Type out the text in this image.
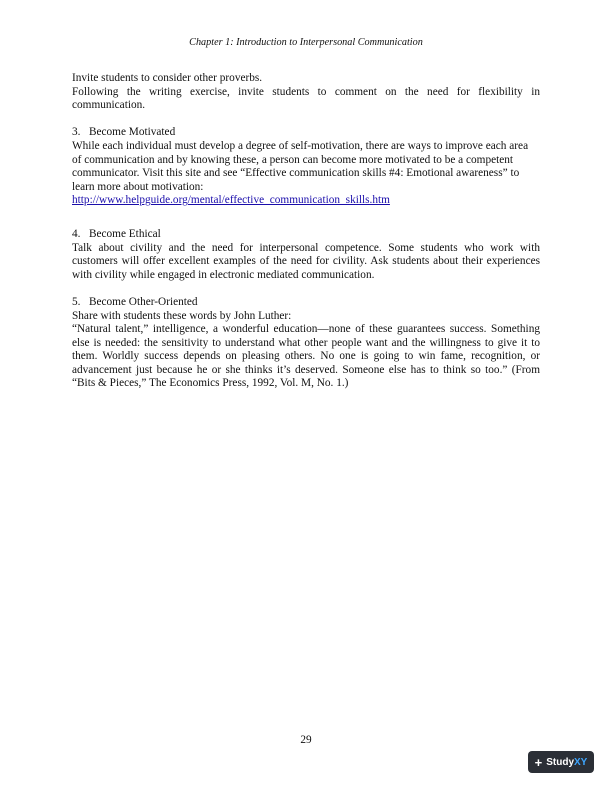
Chapter 1: Introduction to Interpersonal Communication

Invite students to consider other proverbs.

Following the writing exercise, invite students to comment on the need for flexibility in communication.

3.  Become Motivated

While each individual must develop a degree of self-motivation, there are ways to improve each area of communication and by knowing these, a person can become more motivated to be a competent communicator. Visit this site and see “Effective communication skills #4: Emotional awareness” to learn more about motivation:

http://www.helpguide.org/mental/effective_communication_skills.htm

4.  Become Ethical

Talk about civility and the need for interpersonal competence. Some students who work with customers will offer excellent examples of the need for civility. Ask students about their experiences with civility while engaged in electronic mediated communication.

5.  Become Other-Oriented

Share with students these words by John Luther:

“Natural talent,” intelligence, a wonderful education—none of these guarantees success. Something else is needed: the sensitivity to understand what other people want and the willingness to give it to them. Worldly success depends on pleasing others. No one is going to win fame, recognition, or advancement just because he or she thinks it’s deserved. Someone else has to think so too.” (From “Bits & Pieces,” The Economics Press, 1992, Vol. M, No. 1.)

29
+ StudyXY
